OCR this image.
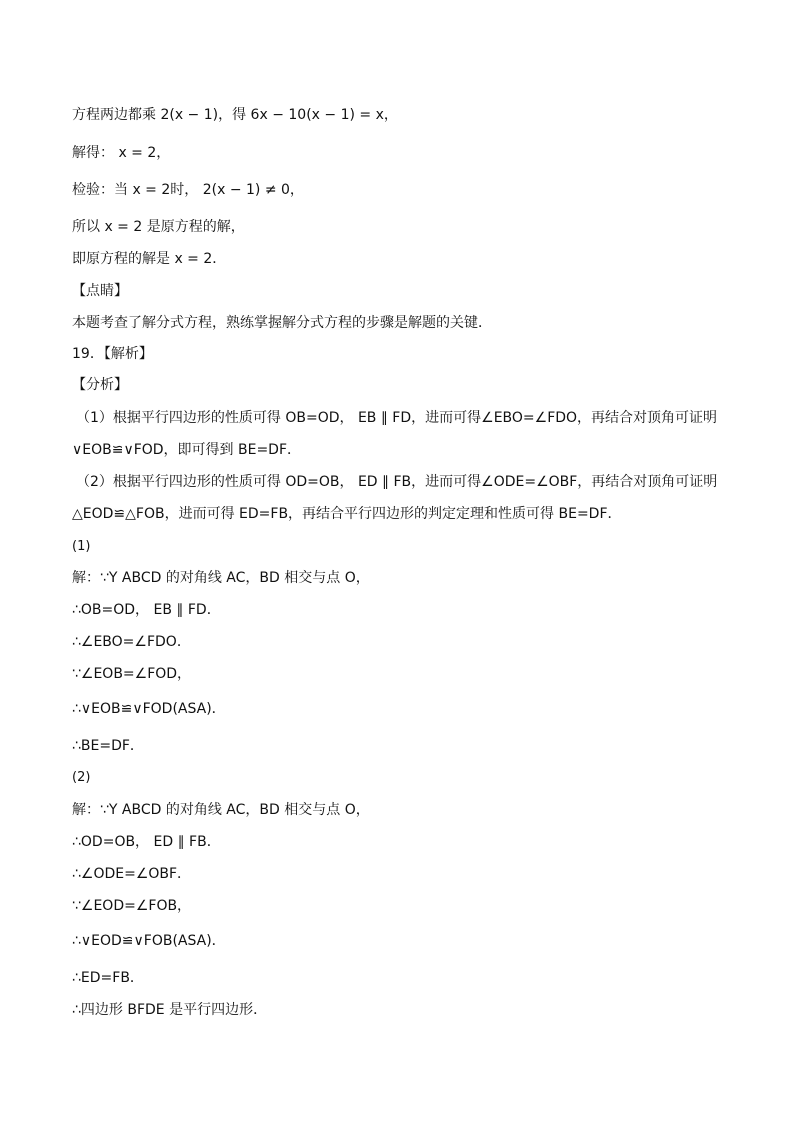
方程两边都乘 2(x − 1)，得 6x − 10(x − 1) = x，
解得： x = 2，
检验：当 x = 2时， 2(x − 1) ≠ 0，
所以 x = 2 是原方程的解，
即原方程的解是 x = 2．
【点睛】
本题考查了解分式方程，熟练掌握解分式方程的步骤是解题的关键．
19．【解析】
【分析】
（1）根据平行四边形的性质可得 OB=OD， EB ∥ FD，进而可得∠EBO=∠FDO，再结合对顶角可证明
∨EOB≌∨FOD，即可得到 BE=DF．
（2）根据平行四边形的性质可得 OD=OB， ED ∥ FB，进而可得∠ODE=∠OBF，再结合对顶角可证明
△EOD≌△FOB，进而可得 ED=FB，再结合平行四边形的判定定理和性质可得 BE=DF．
(1)
解：∵Y ABCD 的对角线 AC，BD 相交与点 O，
∴OB=OD， EB ∥ FD．
∴∠EBO=∠FDO．
∵∠EOB=∠FOD，
∴∨EOB≌∨FOD(ASA)．
∴BE=DF．
(2)
解：∵Y ABCD 的对角线 AC，BD 相交与点 O，
∴OD=OB， ED ∥ FB．
∴∠ODE=∠OBF．
∵∠EOD=∠FOB，
∴∨EOD≌∨FOB(ASA)．
∴ED=FB．
∴四边形 BFDE 是平行四边形．
